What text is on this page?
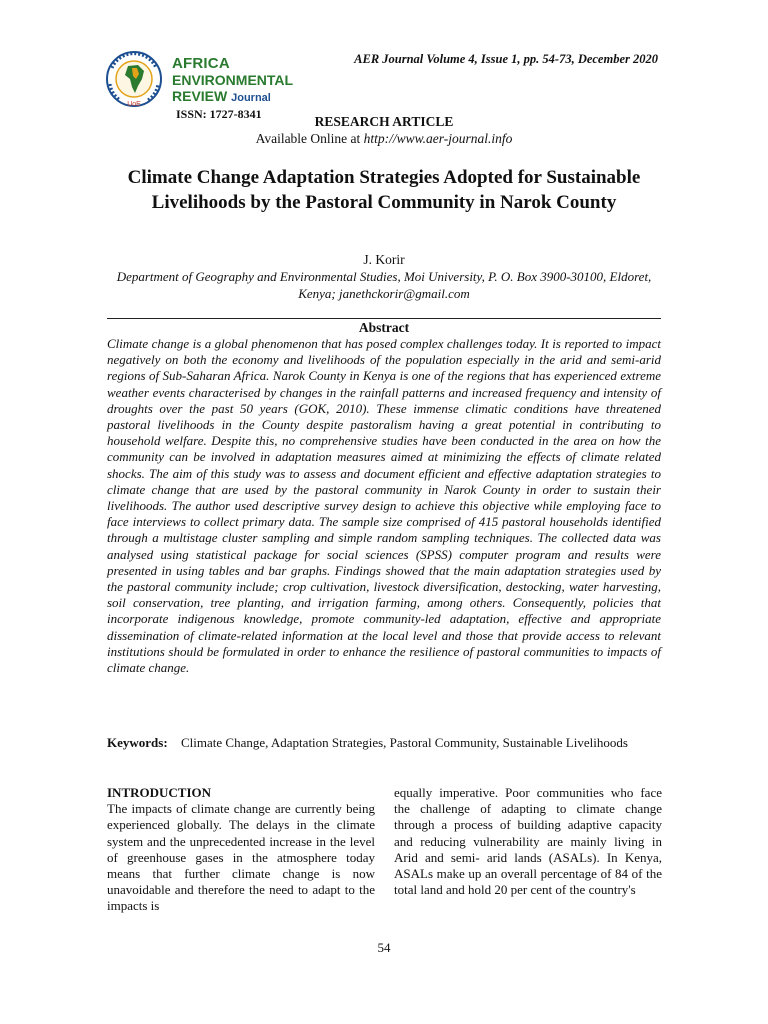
UoE
AFRICA
ENVIRONMENTAL
REVIEW Journal
ISSN: 1727-8341
AER Journal Volume 4, Issue 1, pp. 54-73, December 2020
RESEARCH ARTICLE
Available Online at http://www.aer-journal.info
Climate Change Adaptation Strategies Adopted for Sustainable Livelihoods by the Pastoral Community in Narok County
J. Korir
Department of Geography and Environmental Studies, Moi University, P. O. Box 3900-30100, Eldoret, Kenya; janethckorir@gmail.com
Abstract
Climate change is a global phenomenon that has posed complex challenges today. It is reported to impact negatively on both the economy and livelihoods of the population especially in the arid and semi-arid regions of Sub-Saharan Africa. Narok County in Kenya is one of the regions that has experienced extreme weather events characterised by changes in the rainfall patterns and increased frequency and intensity of droughts over the past 50 years (GOK, 2010). These immense climatic conditions have threatened pastoral livelihoods in the County despite pastoralism having a great potential in contributing to household welfare. Despite this, no comprehensive studies have been conducted in the area on how the community can be involved in adaptation measures aimed at minimizing the effects of climate related shocks. The aim of this study was to assess and document efficient and effective adaptation strategies to climate change that are used by the pastoral community in Narok County in order to sustain their livelihoods. The author used descriptive survey design to achieve this objective while employing face to face interviews to collect primary data. The sample size comprised of 415 pastoral households identified through a multistage cluster sampling and simple random sampling techniques. The collected data was analysed using statistical package for social sciences (SPSS) computer program and results were presented in using tables and bar graphs. Findings showed that the main adaptation strategies used by the pastoral community include; crop cultivation, livestock diversification, destocking, water harvesting, soil conservation, tree planting, and irrigation farming, among others. Consequently, policies that incorporate indigenous knowledge, promote community-led adaptation, effective and appropriate dissemination of climate-related information at the local level and those that provide access to relevant institutions should be formulated in order to enhance the resilience of pastoral communities to impacts of climate change.
Keywords: Climate Change, Adaptation Strategies, Pastoral Community, Sustainable Livelihoods
INTRODUCTION
The impacts of climate change are currently being experienced globally. The delays in the climate system and the unprecedented increase in the level of greenhouse gases in the atmosphere today means that further climate change is now unavoidable and therefore the need to adapt to the impacts is
equally imperative. Poor communities who face the challenge of adapting to climate change through a process of building adaptive capacity and reducing vulnerability are mainly living in Arid and semi- arid lands (ASALs). In Kenya, ASALs make up an overall percentage of 84 of the total land and hold 20 per cent of the country's
54
